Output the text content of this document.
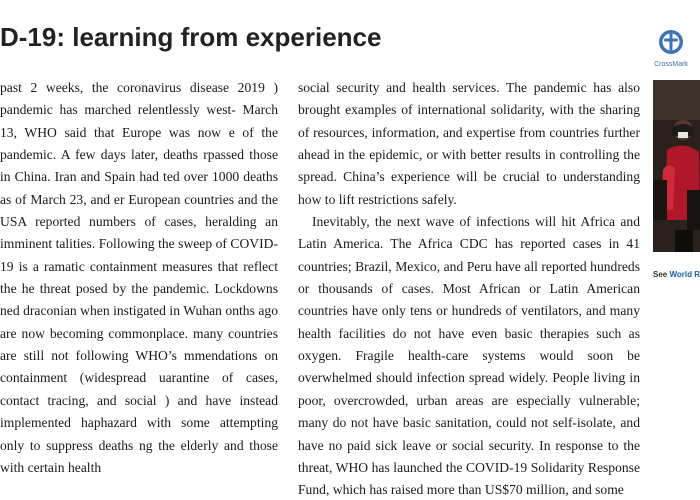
D-19: learning from experience
CrossMark

past 2 weeks, the coronavirus disease 2019 ) pandemic has marched relentlessly west- March 13, WHO said that Europe was now e of the pandemic. A few days later, deaths rpassed those in China. Iran and Spain had ted over 1000 deaths as of March 23, and er European countries and the USA reported numbers of cases, heralding an imminent talities. Following the sweep of COVID-19 is a ramatic containment measures that reflect the he threat posed by the pandemic. Lockdowns ned draconian when instigated in Wuhan onths ago are now becoming commonplace. many countries are still not following WHO’s mmendations on containment (widespread uarantine of cases, contact tracing, and social ) and have instead implemented haphazard with some attempting only to suppress deaths ng the elderly and those with certain health

social security and health services. The pandemic has also brought examples of international solidarity, with the sharing of resources, information, and expertise from countries further ahead in the epidemic, or with better results in controlling the spread. China’s experience will be crucial to understanding how to lift restrictions safely.

Inevitably, the next wave of infections will hit Africa and Latin America. The Africa CDC has reported cases in 41 countries; Brazil, Mexico, and Peru have all reported hundreds or thousands of cases. Most African or Latin American countries have only tens or hundreds of ventilators, and many health facilities do not have even basic therapies such as oxygen. Fragile health-care systems would soon be overwhelmed should infection spread widely. People living in poor, overcrowded, urban areas are especially vulnerable; many do not have basic sanitation, could not self-isolate, and have no paid sick leave or social security. In response to the threat, WHO has launched the COVID-19 Solidarity Response Fund, which has raised more than US$70 million, and some

See World R
